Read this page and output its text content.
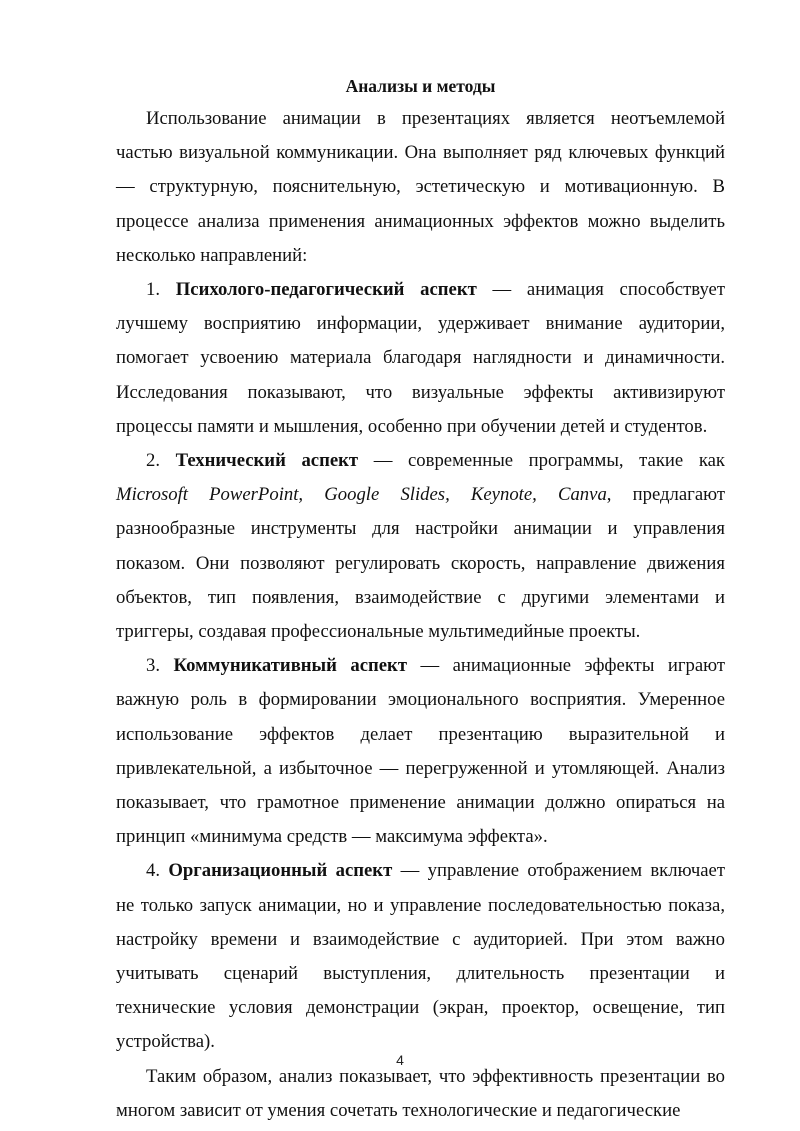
Анализы и методы

Использование анимации в презентациях является неотъемлемой частью визуальной коммуникации. Она выполняет ряд ключевых функций — структурную, пояснительную, эстетическую и мотивационную. В процессе анализа применения анимационных эффектов можно выделить несколько направлений:

1. Психолого-педагогический аспект — анимация способствует лучшему восприятию информации, удерживает внимание аудитории, помогает усвоению материала благодаря наглядности и динамичности. Исследования показывают, что визуальные эффекты активизируют процессы памяти и мышления, особенно при обучении детей и студентов.

2. Технический аспект — современные программы, такие как Microsoft PowerPoint, Google Slides, Keynote, Canva, предлагают разнообразные инструменты для настройки анимации и управления показом. Они позволяют регулировать скорость, направление движения объектов, тип появления, взаимодействие с другими элементами и триггеры, создавая профессиональные мультимедийные проекты.

3. Коммуникативный аспект — анимационные эффекты играют важную роль в формировании эмоционального восприятия. Умеренное использование эффектов делает презентацию выразительной и привлекательной, а избыточное — перегруженной и утомляющей. Анализ показывает, что грамотное применение анимации должно опираться на принцип «минимума средств — максимума эффекта».

4. Организационный аспект — управление отображением включает не только запуск анимации, но и управление последовательностью показа, настройку времени и взаимодействие с аудиторией. При этом важно учитывать сценарий выступления, длительность презентации и технические условия демонстрации (экран, проектор, освещение, тип устройства).

Таким образом, анализ показывает, что эффективность презентации во многом зависит от умения сочетать технологические и педагогические

4
